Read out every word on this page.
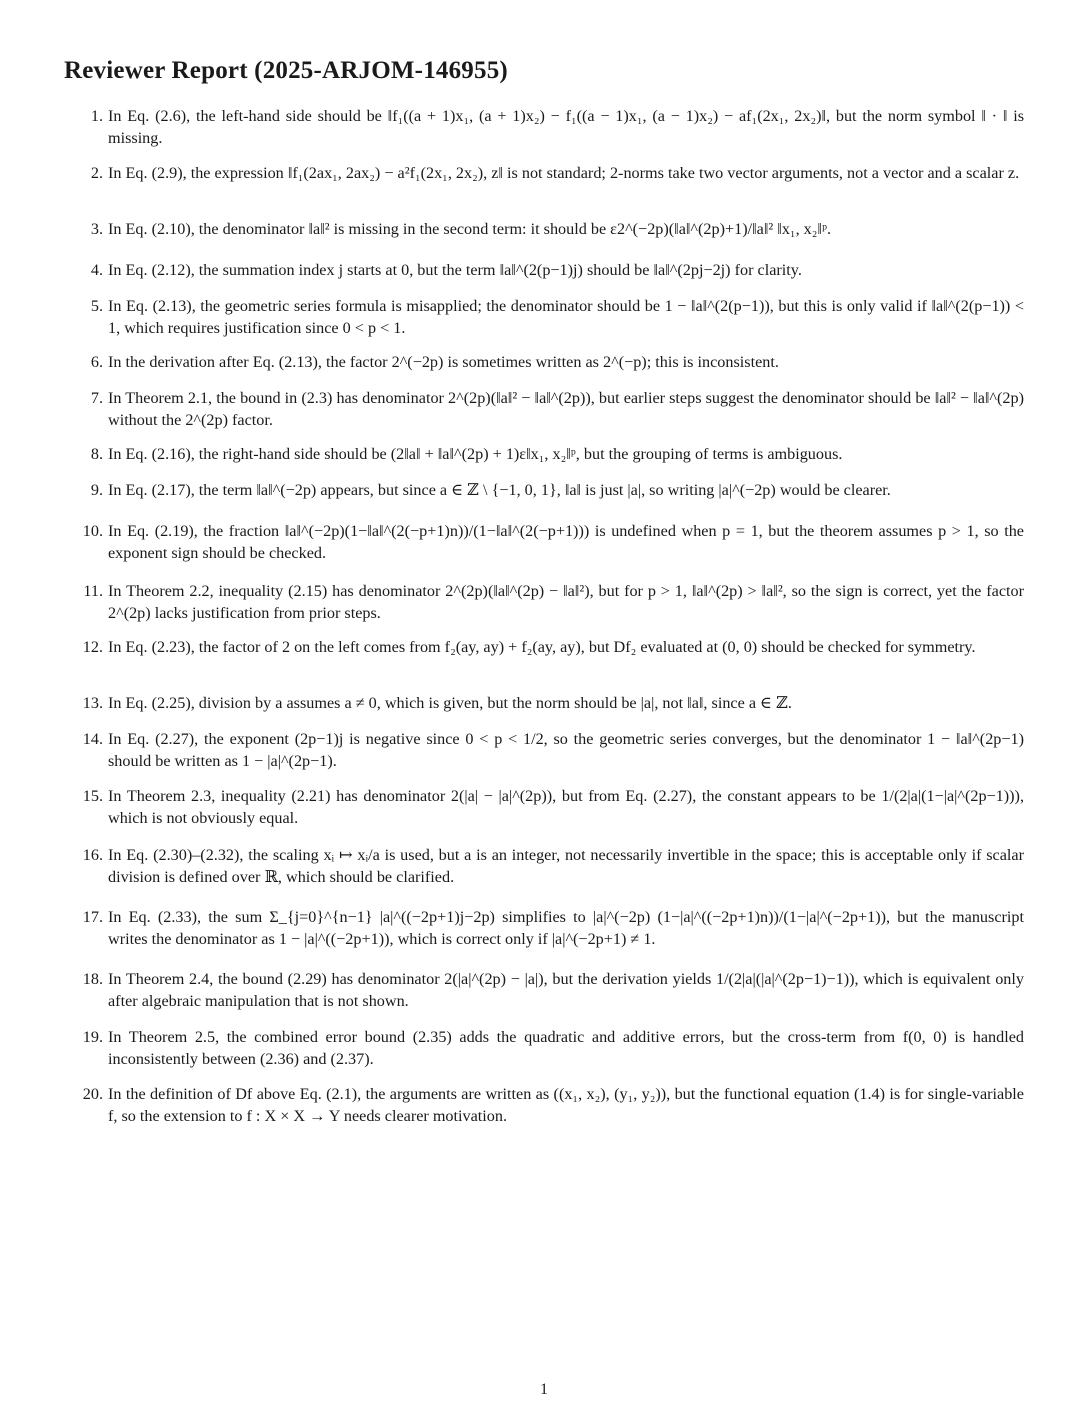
Reviewer Report (2025-ARJOM-146955)
1. In Eq. (2.6), the left-hand side should be ‖f₁((a + 1)x₁, (a + 1)x₂) − f₁((a − 1)x₁, (a − 1)x₂) − af₁(2x₁, 2x₂)‖, but the norm symbol ‖ · ‖ is missing.
2. In Eq. (2.9), the expression ‖f₁(2ax₁, 2ax₂) − a²f₁(2x₁, 2x₂), z‖ is not standard; 2-norms take two vector arguments, not a vector and a scalar z.
3. In Eq. (2.10), the denominator ‖a‖² is missing in the second term: it should be ε2^(−2p)(‖a‖^(2p)+1)/‖a‖² ‖x₁, x₂‖ᵖ.
4. In Eq. (2.12), the summation index j starts at 0, but the term ‖a‖^(2(p−1)j) should be ‖a‖^(2pj−2j) for clarity.
5. In Eq. (2.13), the geometric series formula is misapplied; the denominator should be 1 − ‖a‖^(2(p−1)), but this is only valid if ‖a‖^(2(p−1)) < 1, which requires justification since 0 < p < 1.
6. In the derivation after Eq. (2.13), the factor 2^(−2p) is sometimes written as 2^(−p); this is inconsistent.
7. In Theorem 2.1, the bound in (2.3) has denominator 2^(2p)(‖a‖² − ‖a‖^(2p)), but earlier steps suggest the denominator should be ‖a‖² − ‖a‖^(2p) without the 2^(2p) factor.
8. In Eq. (2.16), the right-hand side should be (2‖a‖ + ‖a‖^(2p) + 1)ε‖x₁, x₂‖ᵖ, but the grouping of terms is ambiguous.
9. In Eq. (2.17), the term ‖a‖^(−2p) appears, but since a ∈ ℤ \ {−1, 0, 1}, ‖a‖ is just |a|, so writing |a|^(−2p) would be clearer.
10. In Eq. (2.19), the fraction ‖a‖^(−2p)(1−‖a‖^(2(−p+1)n))/(1−‖a‖^(2(−p+1))) is undefined when p = 1, but the theorem assumes p > 1, so the exponent sign should be checked.
11. In Theorem 2.2, inequality (2.15) has denominator 2^(2p)(‖a‖^(2p) − ‖a‖²), but for p > 1, ‖a‖^(2p) > ‖a‖², so the sign is correct, yet the factor 2^(2p) lacks justification from prior steps.
12. In Eq. (2.23), the factor of 2 on the left comes from f₂(ay, ay) + f₂(ay, ay), but Df₂ evaluated at (0, 0) should be checked for symmetry.
13. In Eq. (2.25), division by a assumes a ≠ 0, which is given, but the norm should be |a|, not ‖a‖, since a ∈ ℤ.
14. In Eq. (2.27), the exponent (2p−1)j is negative since 0 < p < 1/2, so the geometric series converges, but the denominator 1 − ‖a‖^(2p−1) should be written as 1 − |a|^(2p−1).
15. In Theorem 2.3, inequality (2.21) has denominator 2(|a| − |a|^(2p)), but from Eq. (2.27), the constant appears to be 1/(2|a|(1−|a|^(2p−1))), which is not obviously equal.
16. In Eq. (2.30)–(2.32), the scaling xᵢ ↦ xᵢ/a is used, but a is an integer, not necessarily invertible in the space; this is acceptable only if scalar division is defined over ℝ, which should be clarified.
17. In Eq. (2.33), the sum Σ_{j=0}^{n−1} |a|^((−2p+1)j−2p) simplifies to |a|^(−2p) (1−|a|^((−2p+1)n))/(1−|a|^(−2p+1)), but the manuscript writes the denominator as 1 − |a|^((−2p+1)), which is correct only if |a|^(−2p+1) ≠ 1.
18. In Theorem 2.4, the bound (2.29) has denominator 2(|a|^(2p) − |a|), but the derivation yields 1/(2|a|(|a|^(2p−1)−1)), which is equivalent only after algebraic manipulation that is not shown.
19. In Theorem 2.5, the combined error bound (2.35) adds the quadratic and additive errors, but the cross-term from f(0, 0) is handled inconsistently between (2.36) and (2.37).
20. In the definition of Df above Eq. (2.1), the arguments are written as ((x₁, x₂), (y₁, y₂)), but the functional equation (1.4) is for single-variable f, so the extension to f : X × X → Y needs clearer motivation.
1
